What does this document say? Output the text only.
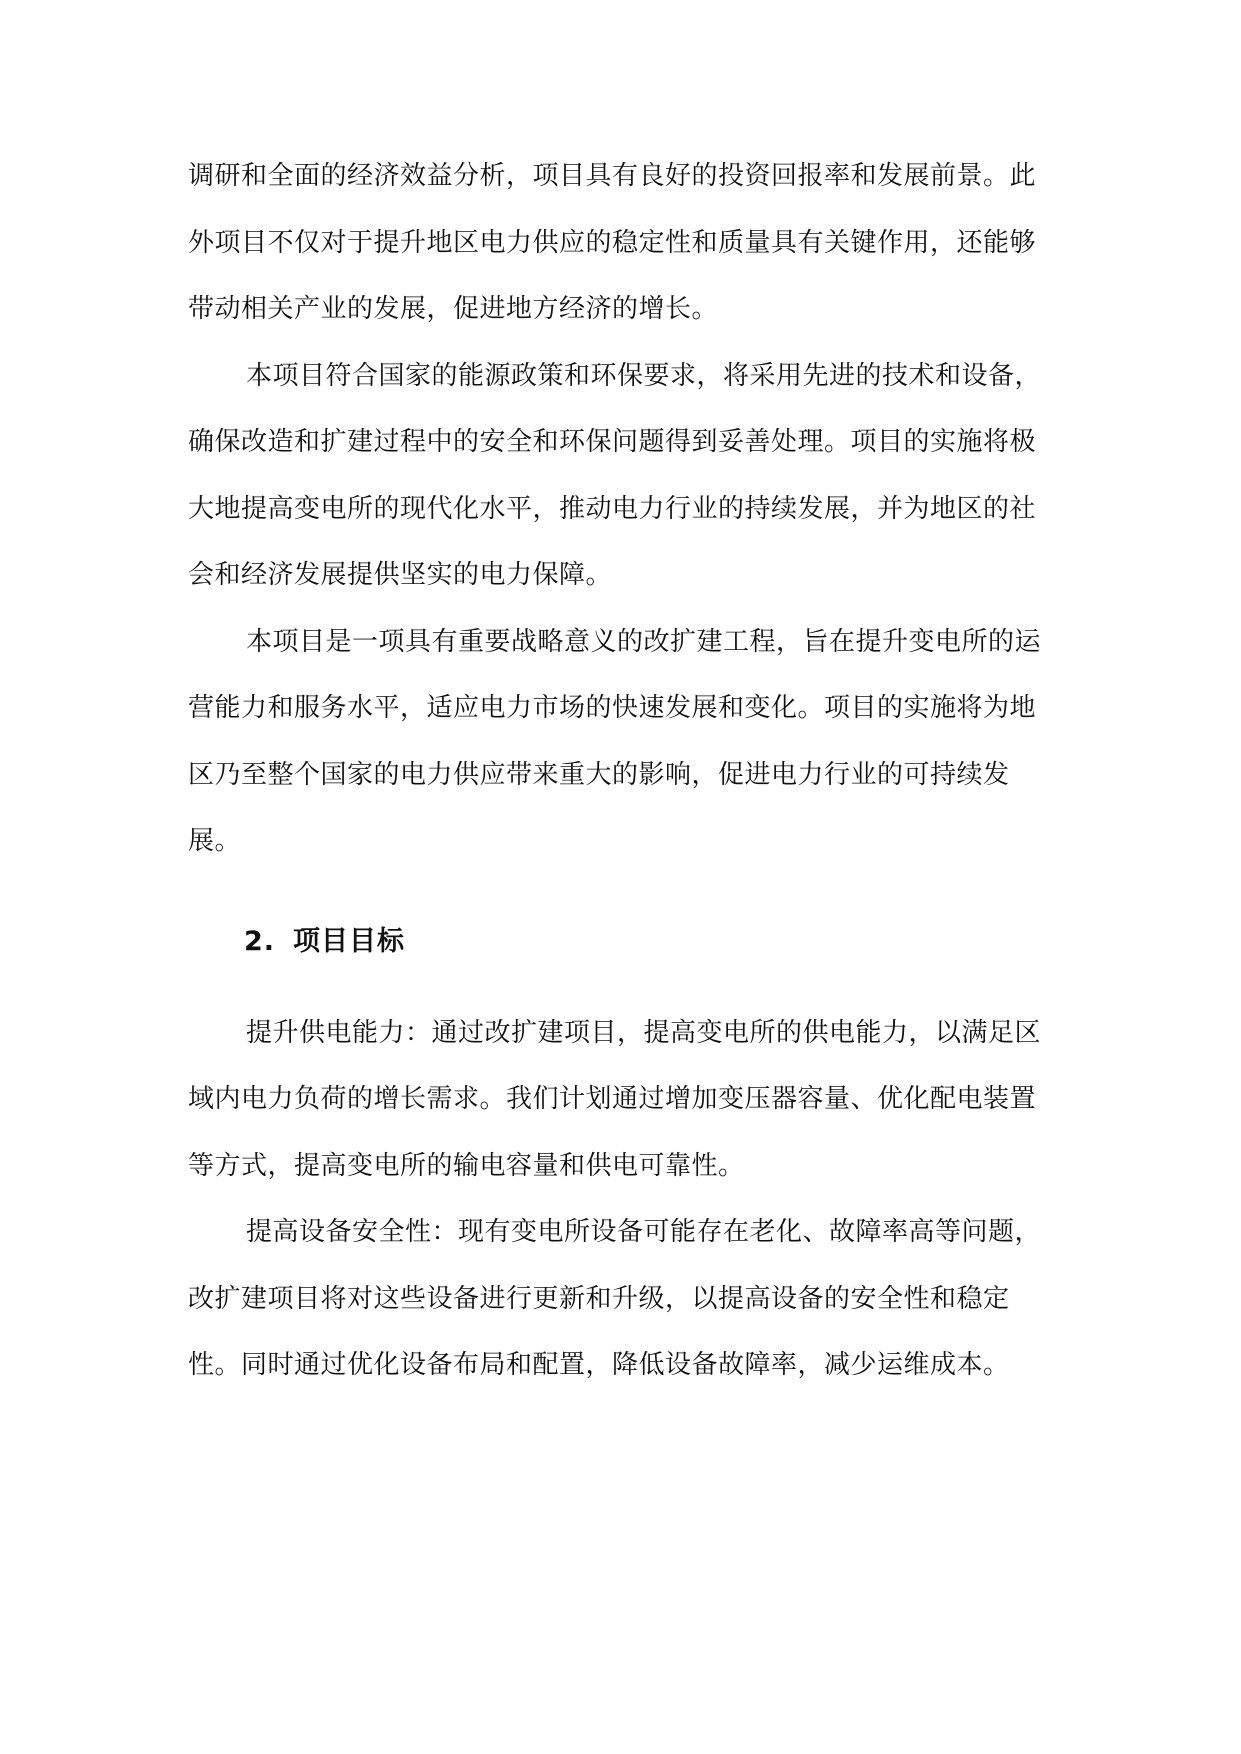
调研和全面的经济效益分析，项目具有良好的投资回报率和发展前景。此外项目不仅对于提升地区电力供应的稳定性和质量具有关键作用，还能够带动相关产业的发展，促进地方经济的增长。

本项目符合国家的能源政策和环保要求，将采用先进的技术和设备，确保改造和扩建过程中的安全和环保问题得到妥善处理。项目的实施将极大地提高变电所的现代化水平，推动电力行业的持续发展，并为地区的社会和经济发展提供坚实的电力保障。

本项目是一项具有重要战略意义的改扩建工程，旨在提升变电所的运营能力和服务水平，适应电力市场的快速发展和变化。项目的实施将为地区乃至整个国家的电力供应带来重大的影响，促进电力行业的可持续发展。

2. 项目目标

提升供电能力：通过改扩建项目，提高变电所的供电能力，以满足区域内电力负荷的增长需求。我们计划通过增加变压器容量、优化配电装置等方式，提高变电所的输电容量和供电可靠性。

提高设备安全性：现有变电所设备可能存在老化、故障率高等问题，改扩建项目将对这些设备进行更新和升级，以提高设备的安全性和稳定性。同时通过优化设备布局和配置，降低设备故障率，减少运维成本。
